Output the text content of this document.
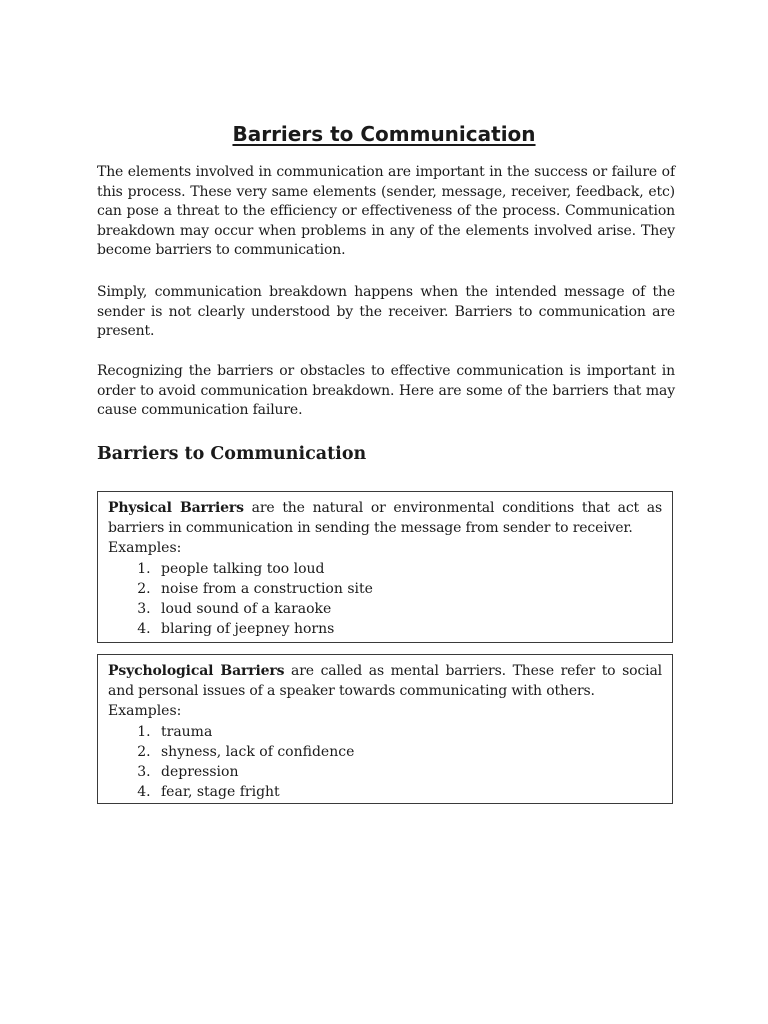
Barriers to Communication

The elements involved in communication are important in the success or failure of this process. These very same elements (sender, message, receiver, feedback, etc) can pose a threat to the efficiency or effectiveness of the process. Communication breakdown may occur when problems in any of the elements involved arise. They become barriers to communication.

Simply, communication breakdown happens when the intended message of the sender is not clearly understood by the receiver. Barriers to communication are present.

Recognizing the barriers or obstacles to effective communication is important in order to avoid communication breakdown. Here are some of the barriers that may cause communication failure.

Barriers to Communication

Physical Barriers are the natural or environmental conditions that act as barriers in communication in sending the message from sender to receiver.

Examples:

1. people talking too loud
2. noise from a construction site
3. loud sound of a karaoke
4. blaring of jeepney horns

Psychological Barriers are called as mental barriers. These refer to social and personal issues of a speaker towards communicating with others.

Examples:

1. trauma
2. shyness, lack of confidence
3. depression
4. fear, stage fright
